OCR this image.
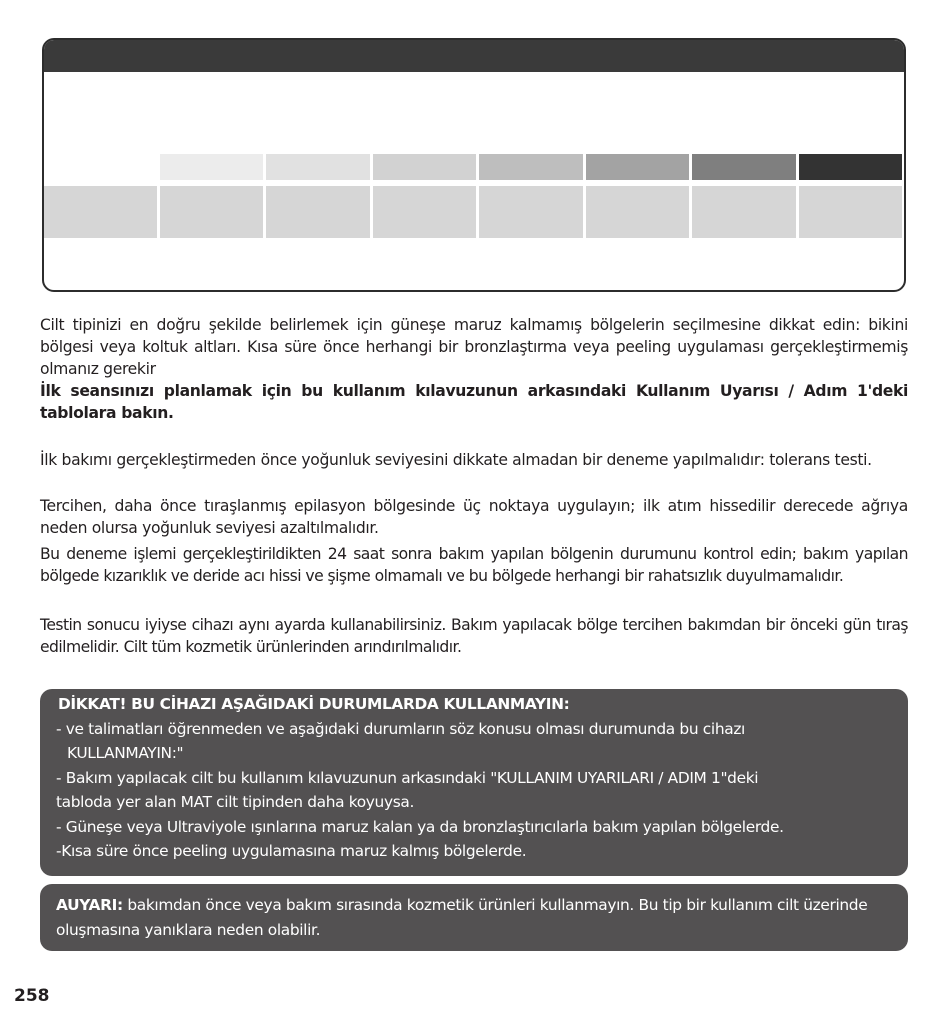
Cilt tipinizi en doğru şekilde belirlemek için güneşe maruz kalmamış bölgelerin seçilmesine dikkat edin: bikini bölgesi veya koltuk altları. Kısa süre önce herhangi bir bronzlaştırma veya peeling uygulaması gerçekleştirmemiş olmanız gerekir

İlk seansınızı planlamak için bu kullanım kılavuzunun arkasındaki Kullanım Uyarısı / Adım 1'deki tablolara bakın.

İlk bakımı gerçekleştirmeden önce yoğunluk seviyesini dikkate almadan bir deneme yapılmalıdır: tolerans testi.

Tercihen, daha önce tıraşlanmış epilasyon bölgesinde üç noktaya uygulayın; ilk atım hissedilir derecede ağrıya neden olursa yoğunluk seviyesi azaltılmalıdır.

Bu deneme işlemi gerçekleştirildikten 24 saat sonra bakım yapılan bölgenin durumunu kontrol edin; bakım yapılan bölgede kızarıklık ve deride acı hissi ve şişme olmamalı ve bu bölgede herhangi bir rahatsızlık duyulmamalıdır.

Testin sonucu iyiyse cihazı aynı ayarda kullanabilirsiniz. Bakım yapılacak bölge tercihen bakımdan bir önceki gün tıraş edilmelidir. Cilt tüm kozmetik ürünlerinden arındırılmalıdır.

DİKKAT! BU CİHAZI AŞAĞIDAKİ DURUMLARDA KULLANMAYIN:

- ve talimatları öğrenmeden ve aşağıdaki durumların söz konusu olması durumunda bu cihazı

KULLANMAYIN:"

- Bakım yapılacak cilt bu kullanım kılavuzunun arkasındaki "KULLANIM UYARILARI / ADIM 1"deki

tabloda yer alan MAT cilt tipinden daha koyuysa.

- Güneşe veya Ultraviyole ışınlarına maruz kalan ya da bronzlaştırıcılarla bakım yapılan bölgelerde.

-Kısa süre önce peeling uygulamasına maruz kalmış bölgelerde.

AUYARI: bakımdan önce veya bakım sırasında kozmetik ürünleri kullanmayın. Bu tip bir kullanım cilt üzerinde oluşmasına yanıklara neden olabilir.

258
